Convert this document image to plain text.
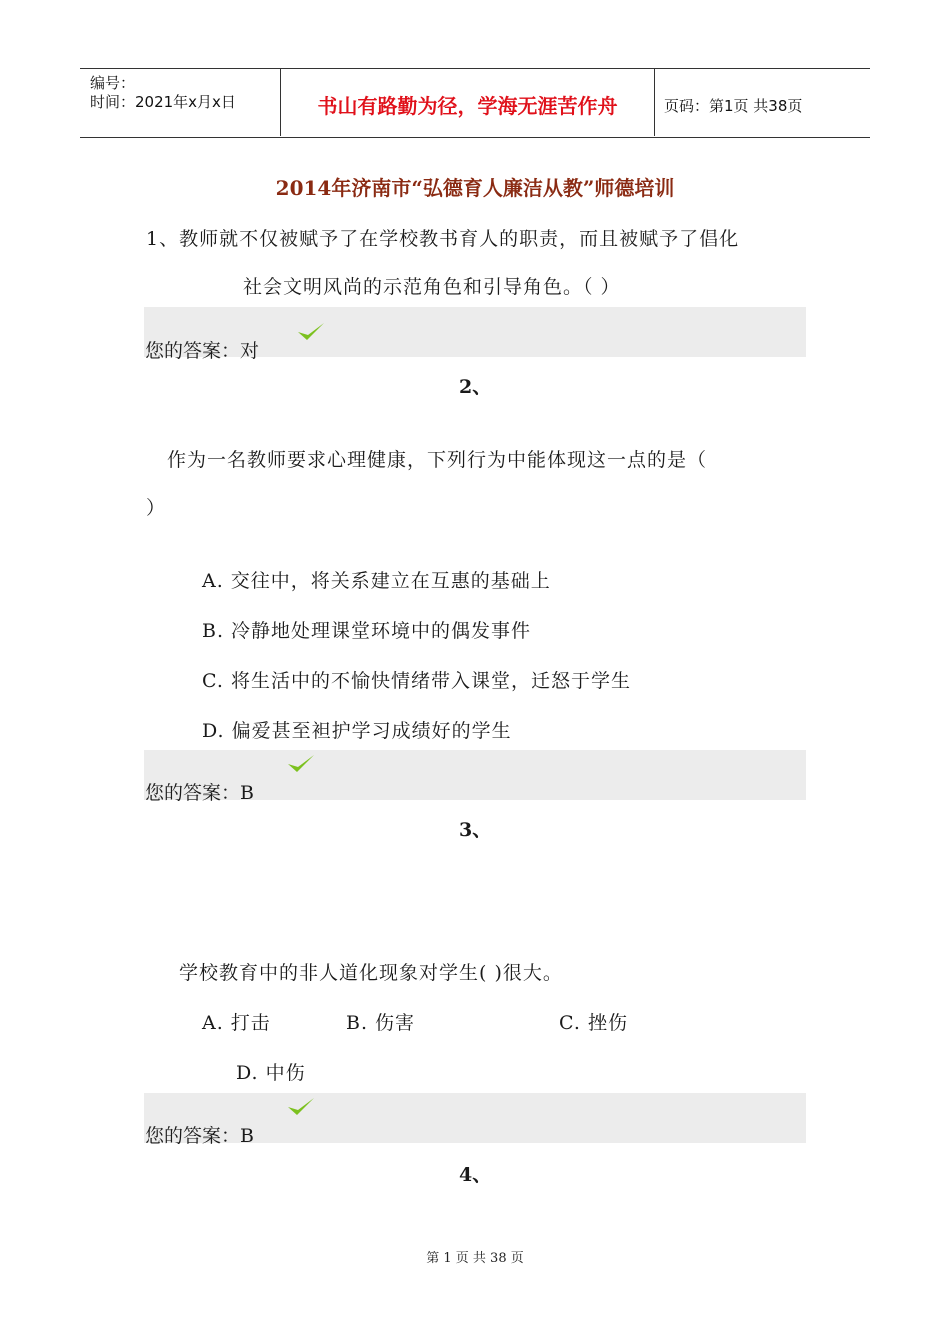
编号：
时间：2021年x月x日	书山有路勤为径，学海无涯苦作舟	页码：第1页 共38页
2014年济南市“弘德育人廉洁从教”师德培训
1、教师就不仅被赋予了在学校教书育人的职责，而且被赋予了倡化
社会文明风尚的示范角色和引导角色。（ ）
您的答案：对
2、
作为一名教师要求心理健康，下列行为中能体现这一点的是（
）
A. 交往中，将关系建立在互惠的基础上
B. 冷静地处理课堂环境中的偶发事件
C. 将生活中的不愉快情绪带入课堂，迁怒于学生
D. 偏爱甚至袒护学习成绩好的学生
您的答案：B
3、
学校教育中的非人道化现象对学生( )很大。
A. 打击	B. 伤害	C. 挫伤
D. 中伤
您的答案：B
4、
第 1 页 共 38 页
